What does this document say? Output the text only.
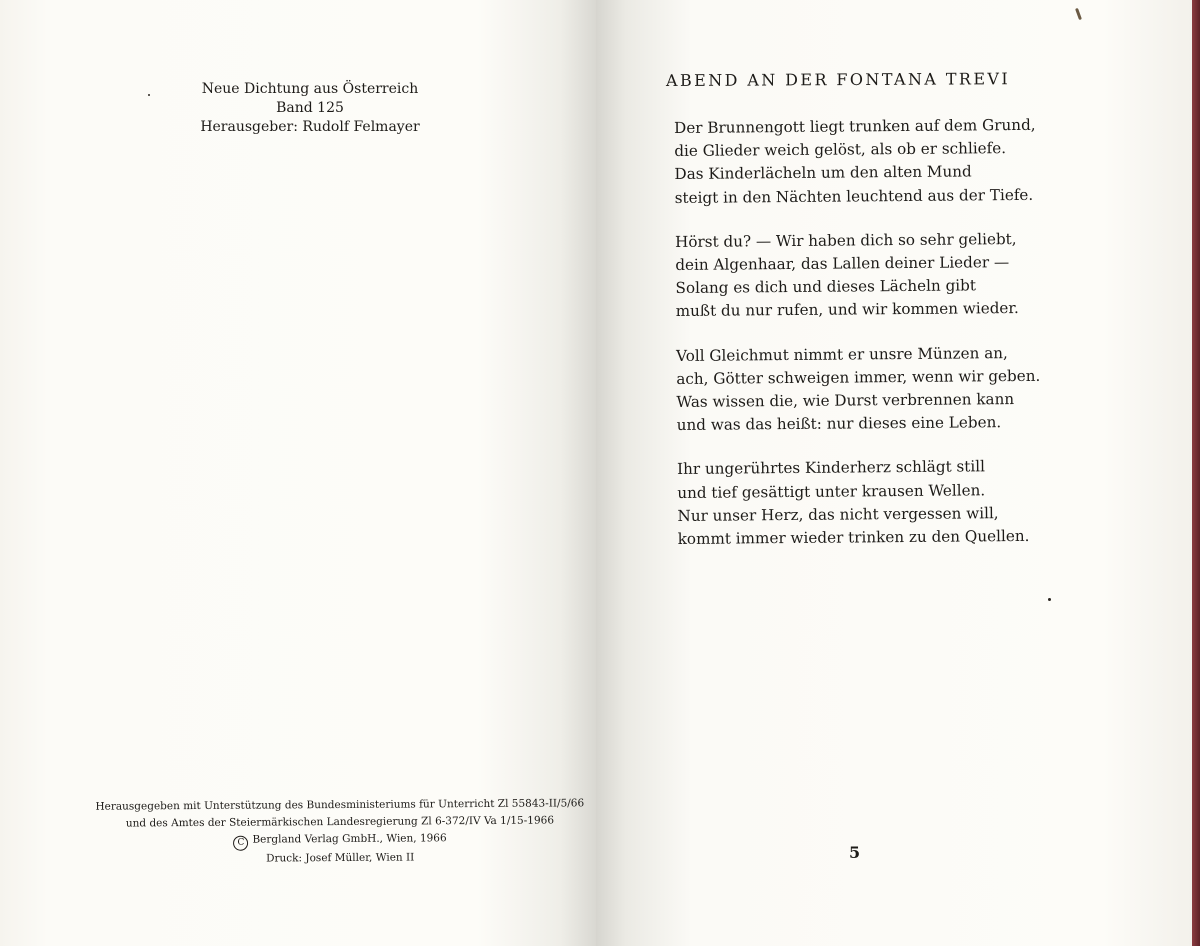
Neue Dichtung aus Österreich
Band 125
Herausgeber: Rudolf Felmayer
Herausgegeben mit Unterstützung des Bundesministeriums für Unterricht Zl 55843-II/5/66
und des Amtes der Steiermärkischen Landesregierung Zl 6-372/IV Va 1/15-1966
C Bergland Verlag GmbH., Wien, 1966
Druck: Josef Müller, Wien II
ABEND AN DER FONTANA TREVI
Der Brunnengott liegt trunken auf dem Grund,
die Glieder weich gelöst, als ob er schliefe.
Das Kinderlächeln um den alten Mund
steigt in den Nächten leuchtend aus der Tiefe.
Hörst du? — Wir haben dich so sehr geliebt,
dein Algenhaar, das Lallen deiner Lieder —
Solang es dich und dieses Lächeln gibt
mußt du nur rufen, und wir kommen wieder.
Voll Gleichmut nimmt er unsre Münzen an,
ach, Götter schweigen immer, wenn wir geben.
Was wissen die, wie Durst verbrennen kann
und was das heißt: nur dieses eine Leben.
Ihr ungerührtes Kinderherz schlägt still
und tief gesättigt unter krausen Wellen.
Nur unser Herz, das nicht vergessen will,
kommt immer wieder trinken zu den Quellen.
5
